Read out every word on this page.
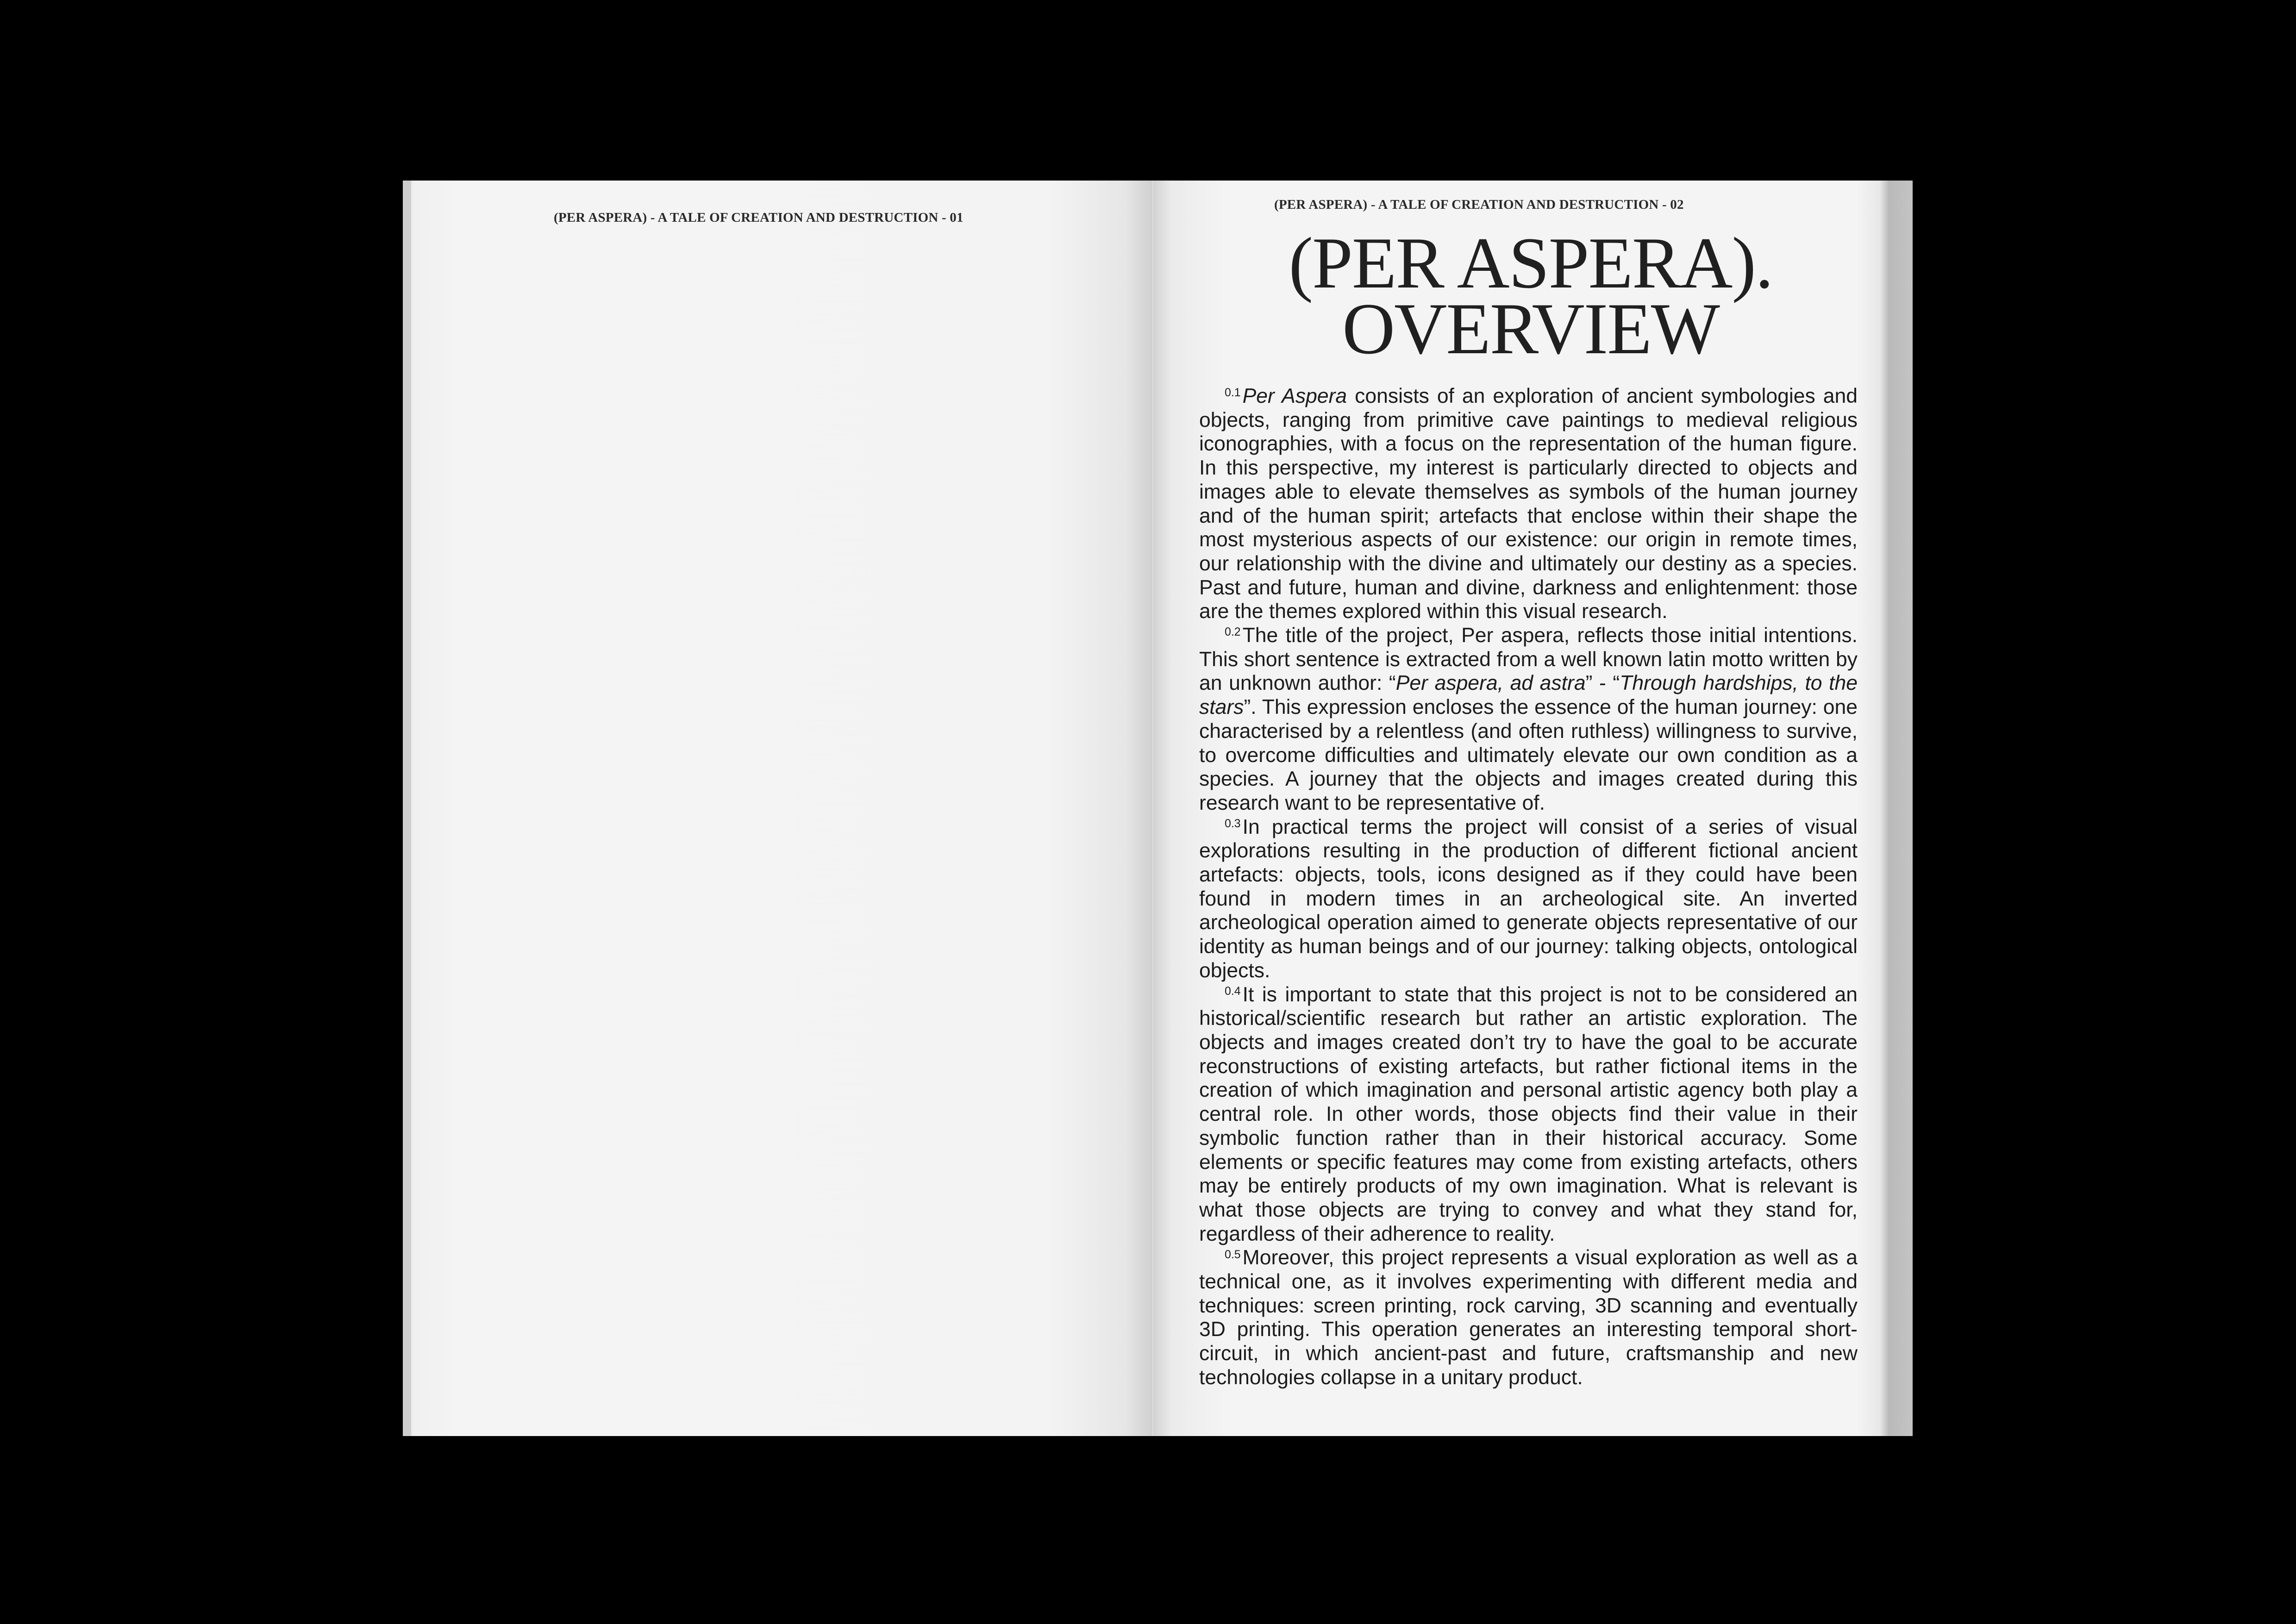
(PER ASPERA) - A TALE OF CREATION AND DESTRUCTION - 01
(PER ASPERA) - A TALE OF CREATION AND DESTRUCTION - 02
(PER ASPERA).
OVERVIEW

$^{0.1}$Per Aspera consists of an exploration of ancient symbologies and objects, ranging from primitive cave paintings to medieval religious iconographies, with a focus on the representation of the human figure. In this perspective, my interest is particularly directed to objects and images able to elevate themselves as symbols of the human journey and of the human spirit; artefacts that enclose within their shape the most mysterious aspects of our existence: our origin in remote times, our relationship with the divine and ultimately our destiny as a species. Past and future, human and divine, darkness and enlightenment: those are the themes explored within this visual research.

$^{0.2}$The title of the project, Per aspera, reflects those initial intentions. This short sentence is extracted from a well known latin motto written by an unknown author: “Per aspera, ad astra” - “Through hardships, to the stars”. This expression encloses the essence of the human journey: one characterised by a relentless (and often ruthless) willingness to survive, to overcome difficulties and ultimately elevate our own condition as a species. A journey that the objects and images created during this research want to be representative of.

$^{0.3}$In practical terms the project will consist of a series of visual explorations resulting in the production of different fictional ancient artefacts: objects, tools, icons designed as if they could have been found in modern times in an archeological site. An inverted archeological operation aimed to generate objects representative of our identity as human beings and of our journey: talking objects, ontological objects.

$^{0.4}$It is important to state that this project is not to be considered an historical/scientific research but rather an artistic exploration. The objects and images created don’t try to have the goal to be accurate reconstructions of existing artefacts, but rather fictional items in the creation of which imagination and personal artistic agency both play a central role. In other words, those objects find their value in their symbolic function rather than in their historical accuracy. Some elements or specific features may come from existing artefacts, others may be entirely products of my own imagination. What is relevant is what those objects are trying to convey and what they stand for, regardless of their adherence to reality.

$^{0.5}$Moreover, this project represents a visual exploration as well as a technical one, as it involves experimenting with different media and techniques: screen printing, rock carving, 3D scanning and eventually 3D printing. This operation generates an interesting temporal short-circuit, in which ancient-past and future, craftsmanship and new technologies collapse in a unitary product.
